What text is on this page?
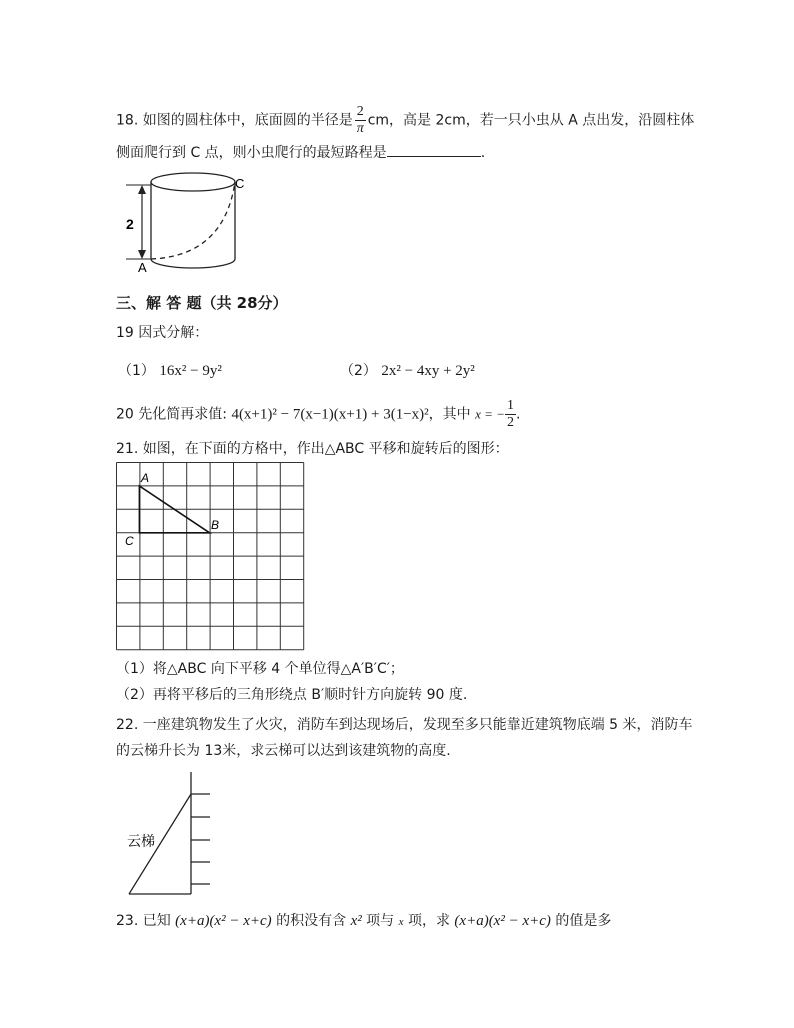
18. 如图的圆柱体中，底面圆的半径是 $\frac{2}{\pi}$ cm，高是 2cm，若一只小虫从 A 点出发，沿圆柱体
侧面爬行到 C 点，则小虫爬行的最短路程是	.
2
A
C
三、解 答 题（共 28分）
19 因式分解：
（1） 16x² − 9y²	（2） 2x² − 4xy + 2y²
20 先化简再求值: 4(x+1)² − 7(x−1)(x+1) + 3(1−x)²，其中 x = − $\frac{1}{2}$ .
21. 如图，在下面的方格中，作出△ABC 平移和旋转后的图形：
A
B
C
（1）将△ABC 向下平移 4 个单位得△A′B′C′；
（2）再将平移后的三角形绕点 B′顺时针方向旋转 90 度.
22. 一座建筑物发生了火灾，消防车到达现场后，发现至多只能靠近建筑物底端 5 米，消防车
的云梯升长为 13米，求云梯可以达到该建筑物的高度.
云梯
23. 已知 (x+a)(x² − x+c) 的积没有含 x² 项与 x 项，求 (x+a)(x² − x+c) 的值是多
